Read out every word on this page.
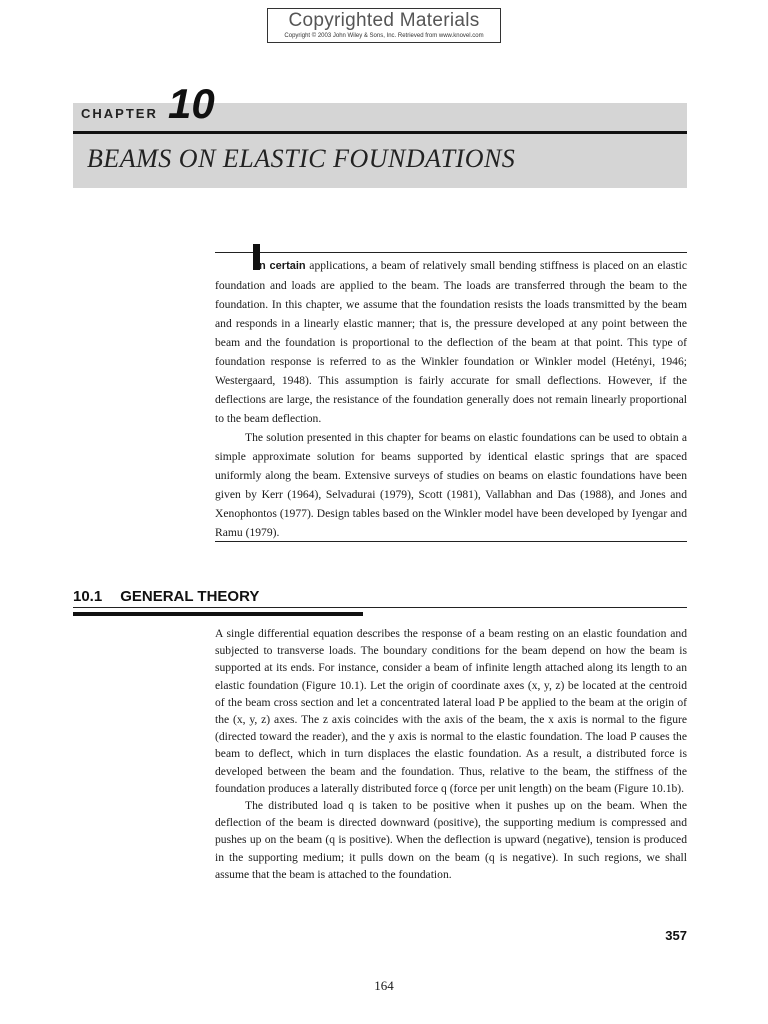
Copyrighted Materials
Copyright © 2003 John Wiley & Sons, Inc. Retrieved from www.knovel.com
CHAPTER 10
BEAMS ON ELASTIC FOUNDATIONS

n certain applications, a beam of relatively small bending stiffness is placed on an elastic foundation and loads are applied to the beam. The loads are transferred through the beam to the foundation. In this chapter, we assume that the foundation resists the loads transmitted by the beam and responds in a linearly elastic manner; that is, the pressure developed at any point between the beam and the foundation is proportional to the deflection of the beam at that point. This type of foundation response is referred to as the Winkler foundation or Winkler model (Hetényi, 1946; Westergaard, 1948). This assumption is fairly accurate for small deflections. However, if the deflections are large, the resistance of the foundation generally does not remain linearly proportional to the beam deflection.

The solution presented in this chapter for beams on elastic foundations can be used to obtain a simple approximate solution for beams supported by identical elastic springs that are spaced uniformly along the beam. Extensive surveys of studies on beams on elastic foundations have been given by Kerr (1964), Selvadurai (1979), Scott (1981), Vallabhan and Das (1988), and Jones and Xenophontos (1977). Design tables based on the Winkler model have been developed by Iyengar and Ramu (1979).

10.1 GENERAL THEORY

A single differential equation describes the response of a beam resting on an elastic foundation and subjected to transverse loads. The boundary conditions for the beam depend on how the beam is supported at its ends. For instance, consider a beam of infinite length attached along its length to an elastic foundation (Figure 10.1). Let the origin of coordinate axes (x, y, z) be located at the centroid of the beam cross section and let a concentrated lateral load P be applied to the beam at the origin of the (x, y, z) axes. The z axis coincides with the axis of the beam, the x axis is normal to the figure (directed toward the reader), and the y axis is normal to the elastic foundation. The load P causes the beam to deflect, which in turn displaces the elastic foundation. As a result, a distributed force is developed between the beam and the foundation. Thus, relative to the beam, the stiffness of the foundation produces a laterally distributed force q (force per unit length) on the beam (Figure 10.1b).

The distributed load q is taken to be positive when it pushes up on the beam. When the deflection of the beam is directed downward (positive), the supporting medium is compressed and pushes up on the beam (q is positive). When the deflection is upward (negative), tension is produced in the supporting medium; it pulls down on the beam (q is negative). In such regions, we shall assume that the beam is attached to the foundation.

357
164
